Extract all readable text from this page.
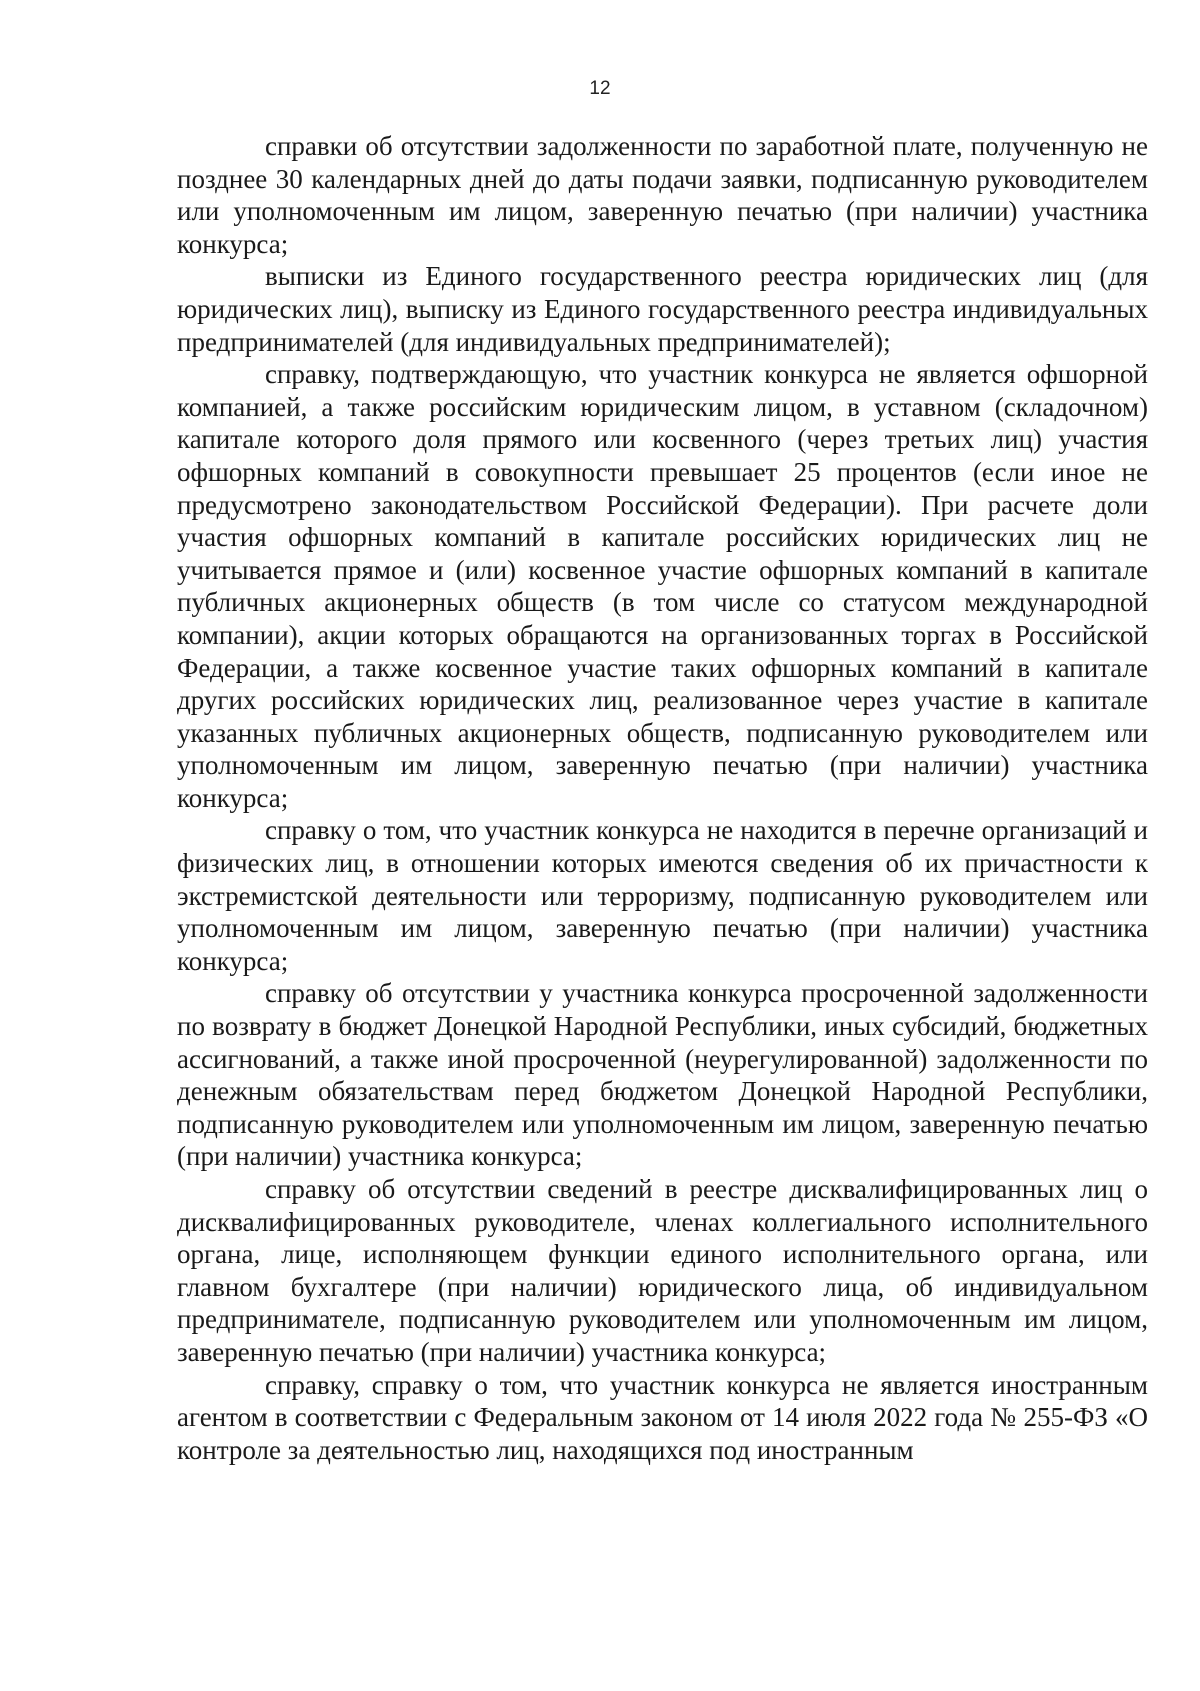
12

справки об отсутствии задолженности по заработной плате, полученную не позднее 30 календарных дней до даты подачи заявки, подписанную руководителем или уполномоченным им лицом, заверенную печатью (при наличии) участника конкурса;

выписки из Единого государственного реестра юридических лиц (для юридических лиц), выписку из Единого государственного реестра индивидуальных предпринимателей (для индивидуальных предпринимателей);

справку, подтверждающую, что участник конкурса не является офшорной компанией, а также российским юридическим лицом, в уставном (складочном) капитале которого доля прямого или косвенного (через третьих лиц) участия офшорных компаний в совокупности превышает 25 процентов (если иное не предусмотрено законодательством Российской Федерации). При расчете доли участия офшорных компаний в капитале российских юридических лиц не учитывается прямое и (или) косвенное участие офшорных компаний в капитале публичных акционерных обществ (в том числе со статусом международной компании), акции которых обращаются на организованных торгах в Российской Федерации, а также косвенное участие таких офшорных компаний в капитале других российских юридических лиц, реализованное через участие в капитале указанных публичных акционерных обществ, подписанную руководителем или уполномоченным им лицом, заверенную печатью (при наличии) участника конкурса;

справку о том, что участник конкурса не находится в перечне организаций и физических лиц, в отношении которых имеются сведения об их причастности к экстремистской деятельности или терроризму, подписанную руководителем или уполномоченным им лицом, заверенную печатью (при наличии) участника конкурса;

справку об отсутствии у участника конкурса просроченной задолженности по возврату в бюджет Донецкой Народной Республики, иных субсидий, бюджетных ассигнований, а также иной просроченной (неурегулированной) задолженности по денежным обязательствам перед бюджетом Донецкой Народной Республики, подписанную руководителем или уполномоченным им лицом, заверенную печатью (при наличии) участника конкурса;

справку об отсутствии сведений в реестре дисквалифицированных лиц о дисквалифицированных руководителе, членах коллегиального исполнительного органа, лице, исполняющем функции единого исполнительного органа, или главном бухгалтере (при наличии) юридического лица, об индивидуальном предпринимателе, подписанную руководителем или уполномоченным им лицом, заверенную печатью (при наличии) участника конкурса;

справку, справку о том, что участник конкурса не является иностранным агентом в соответствии с Федеральным законом от 14 июля 2022 года № 255-ФЗ «О контроле за деятельностью лиц, находящихся под иностранным
